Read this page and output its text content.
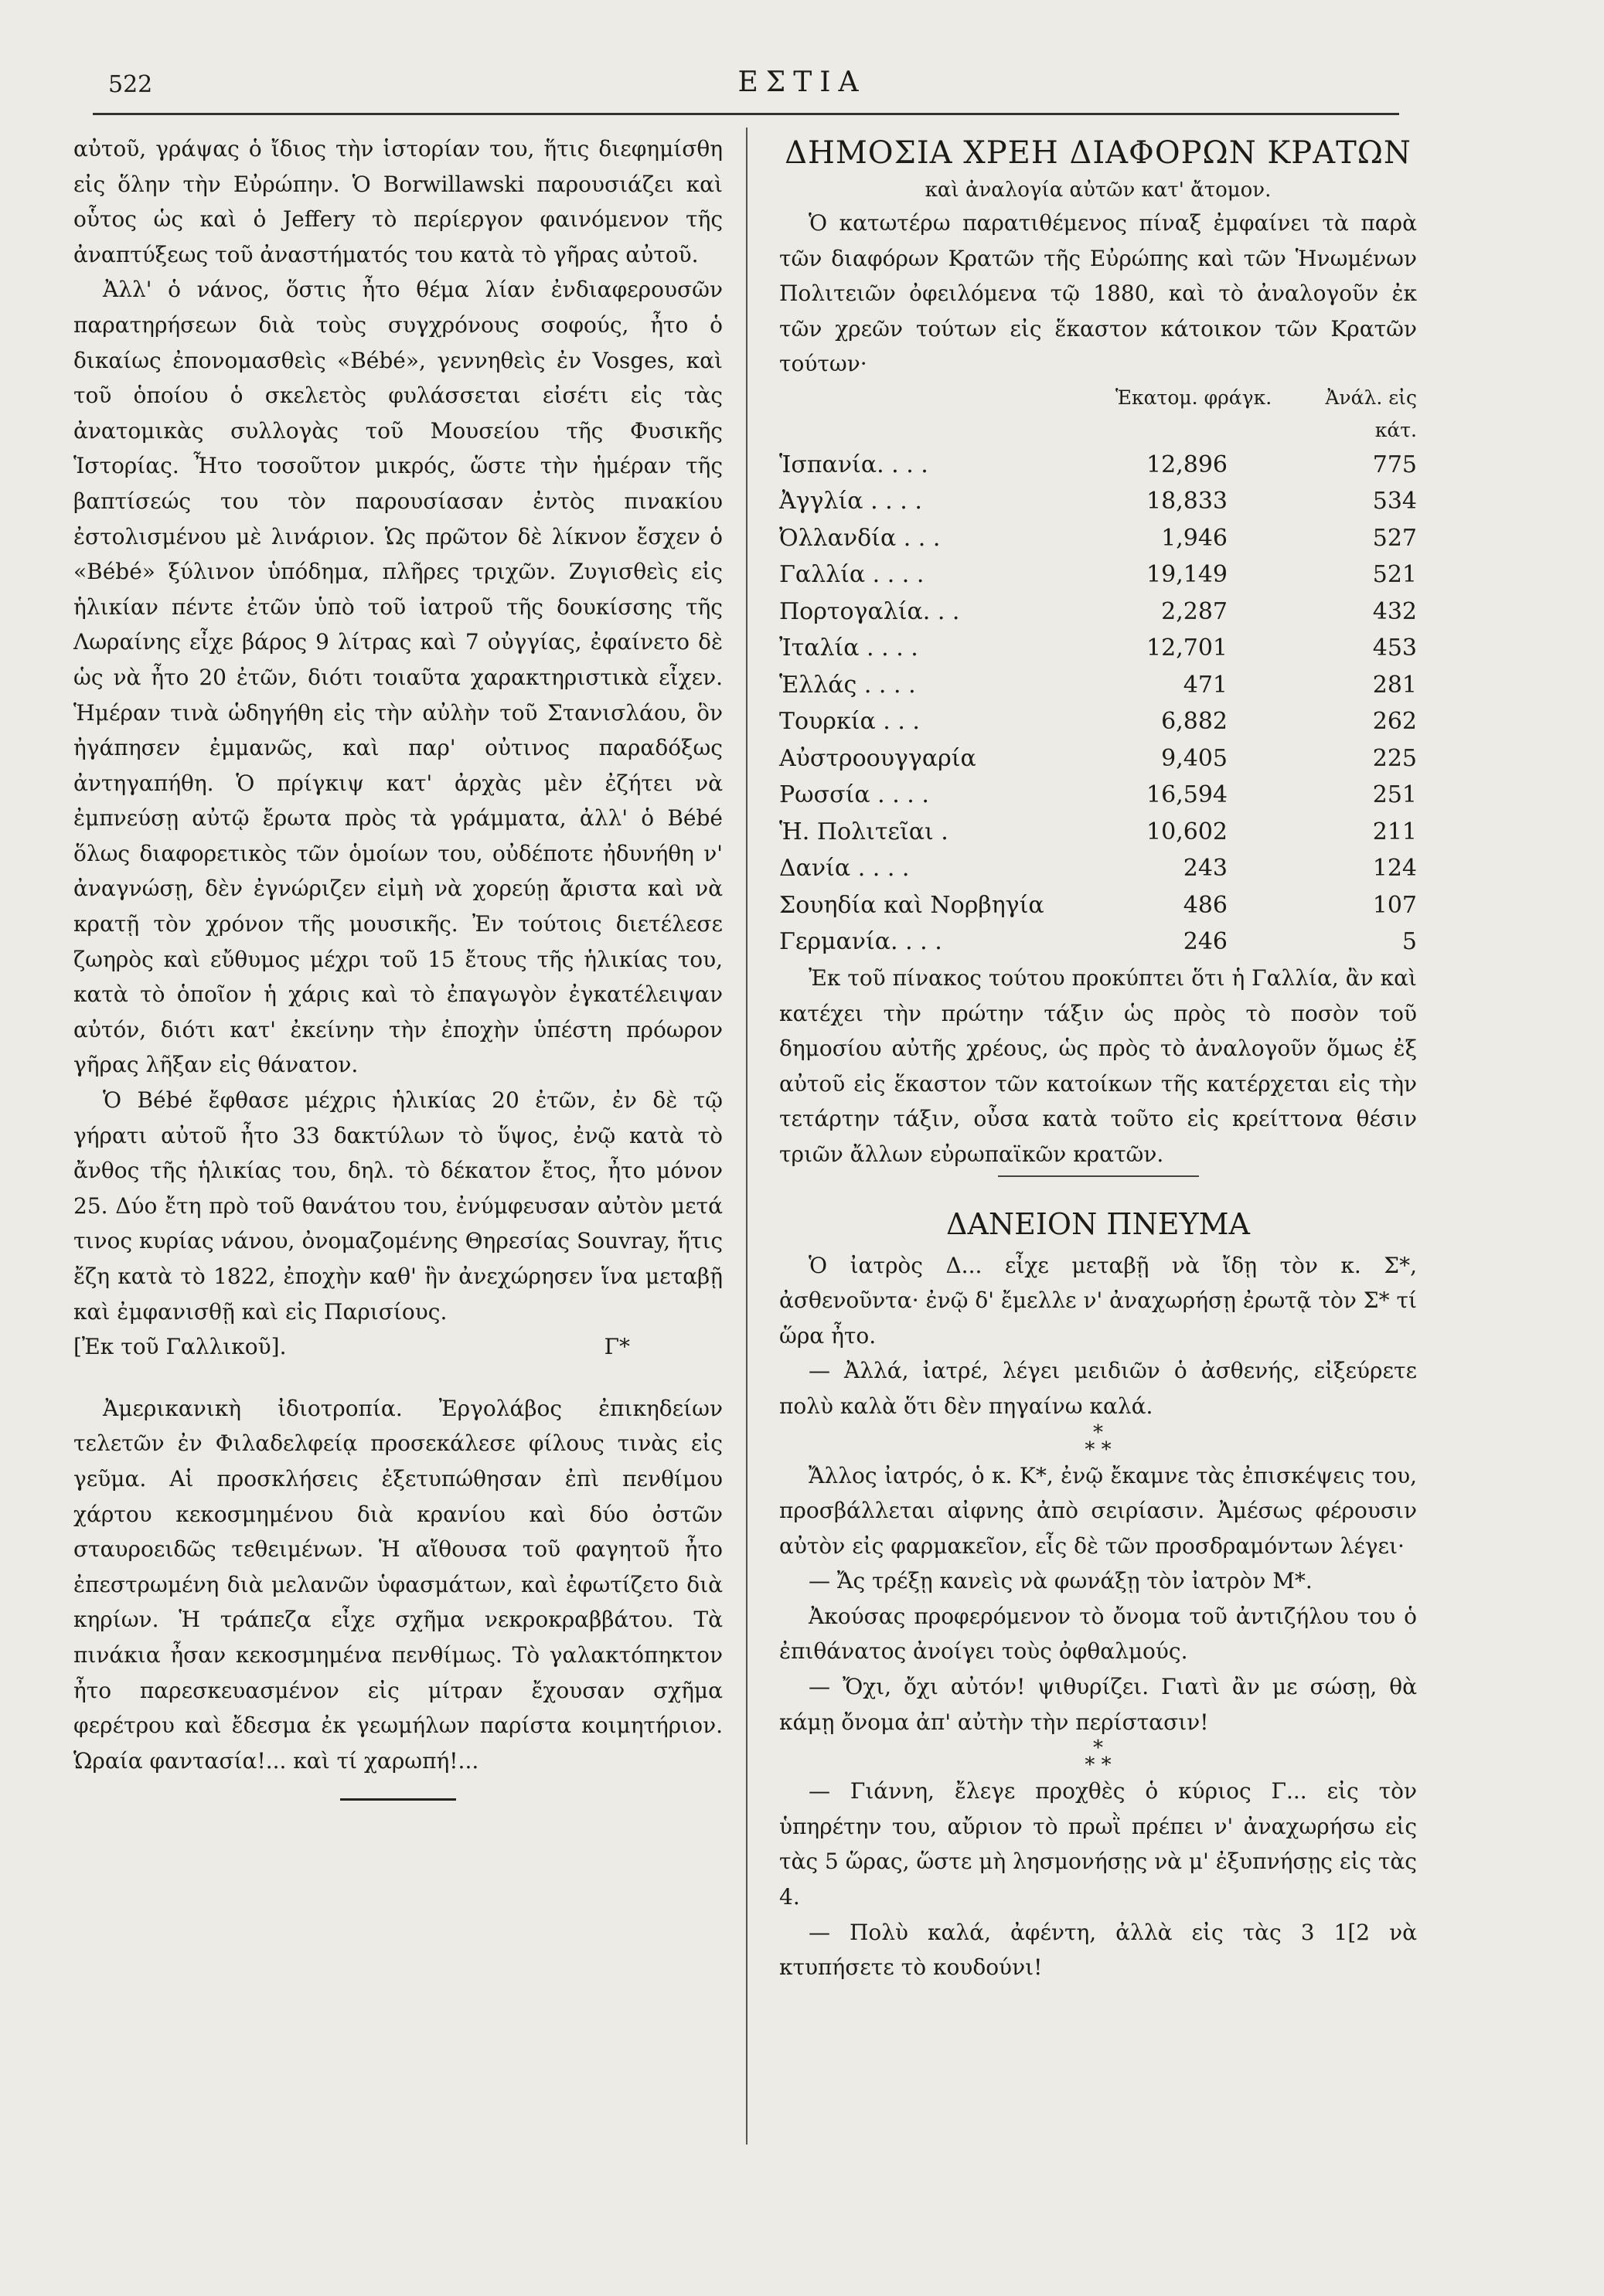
522	ΕΣΤΙΑ

αὐτοῦ, γράψας ὁ ἴδιος τὴν ἱστορίαν του, ἥτις διεφημίσθη εἰς ὅλην τὴν Εὐρώπην. Ὁ Borwillawski παρουσιάζει καὶ οὗτος ὡς καὶ ὁ Jeffery τὸ περίεργον φαινόμενον τῆς ἀναπτύξεως τοῦ ἀναστήματός του κατὰ τὸ γῆρας αὐτοῦ.

Ἀλλ' ὁ νάνος, ὅστις ἦτο θέμα λίαν ἐνδιαφερουσῶν παρατηρήσεων διὰ τοὺς συγχρόνους σοφούς, ἦτο ὁ δικαίως ἐπονομασθεὶς «Bébé», γεννηθεὶς ἐν Vosges, καὶ τοῦ ὁποίου ὁ σκελετὸς φυλάσσεται εἰσέτι εἰς τὰς ἀνατομικὰς συλλογὰς τοῦ Μουσείου τῆς Φυσικῆς Ἱστορίας. Ἦτο τοσοῦτον μικρός, ὥστε τὴν ἡμέραν τῆς βαπτίσεώς του τὸν παρουσίασαν ἐντὸς πινακίου ἐστολισμένου μὲ λινάριον. Ὡς πρῶτον δὲ λίκνον ἔσχεν ὁ «Bébé» ξύλινον ὑπόδημα, πλῆρες τριχῶν. Ζυγισθεὶς εἰς ἡλικίαν πέντε ἐτῶν ὑπὸ τοῦ ἰατροῦ τῆς δουκίσσης τῆς Λωραίνης εἶχε βάρος 9 λίτρας καὶ 7 οὐγγίας, ἐφαίνετο δὲ ὡς νὰ ἦτο 20 ἐτῶν, διότι τοιαῦτα χαρακτηριστικὰ εἶχεν. Ἡμέραν τινὰ ὡδηγήθη εἰς τὴν αὐλὴν τοῦ Στανισλάου, ὃν ἠγάπησεν ἐμμανῶς, καὶ παρ' οὐτινος παραδόξως ἀντηγαπήθη. Ὁ πρίγκιψ κατ' ἀρχὰς μὲν ἐζήτει νὰ ἐμπνεύσῃ αὐτῷ ἔρωτα πρὸς τὰ γράμματα, ἀλλ' ὁ Bébé ὅλως διαφορετικὸς τῶν ὁμοίων του, οὐδέποτε ἠδυνήθη ν' ἀναγνώσῃ, δὲν ἐγνώριζεν εἰμὴ νὰ χορεύῃ ἄριστα καὶ νὰ κρατῇ τὸν χρόνον τῆς μουσικῆς. Ἐν τούτοις διετέλεσε ζωηρὸς καὶ εὔθυμος μέχρι τοῦ 15 ἔτους τῆς ἡλικίας του, κατὰ τὸ ὁποῖον ἡ χάρις καὶ τὸ ἐπαγωγὸν ἐγκατέλειψαν αὐτόν, διότι κατ' ἐκείνην τὴν ἐποχὴν ὑπέστη πρόωρον γῆρας λῆξαν εἰς θάνατον.

Ὁ Bébé ἔφθασε μέχρις ἡλικίας 20 ἐτῶν, ἐν δὲ τῷ γήρατι αὐτοῦ ἦτο 33 δακτύλων τὸ ὕψος, ἐνῷ κατὰ τὸ ἄνθος τῆς ἡλικίας του, δηλ. τὸ δέκατον ἔτος, ἦτο μόνον 25. Δύο ἔτη πρὸ τοῦ θανάτου του, ἐνύμφευσαν αὐτὸν μετά τινος κυρίας νάνου, ὀνομαζομένης Θηρεσίας Souvray, ἥτις ἔζη κατὰ τὸ 1822, ἐποχὴν καθ' ἣν ἀνεχώρησεν ἵνα μεταβῇ καὶ ἐμφανισθῇ καὶ εἰς Παρισίους.

[Ἐκ τοῦ Γαλλικοῦ].	Γ*

Ἀμερικανικὴ ἰδιοτροπία. Ἐργολάβος ἐπικηδείων τελετῶν ἐν Φιλαδελφείᾳ προσεκάλεσε φίλους τινὰς εἰς γεῦμα. Αἱ προσκλήσεις ἐξετυπώθησαν ἐπὶ πενθίμου χάρτου κεκοσμημένου διὰ κρανίου καὶ δύο ὀστῶν σταυροειδῶς τεθειμένων. Ἡ αἴθουσα τοῦ φαγητοῦ ἦτο ἐπεστρωμένη διὰ μελανῶν ὑφασμάτων, καὶ ἐφωτίζετο διὰ κηρίων. Ἡ τράπεζα εἶχε σχῆμα νεκροκραββάτου. Τὰ πινάκια ἦσαν κεκοσμημένα πενθίμως. Τὸ γαλακτόπηκτον ἦτο παρεσκευασμένον εἰς μίτραν ἔχουσαν σχῆμα φερέτρου καὶ ἔδεσμα ἐκ γεωμήλων παρίστα κοιμητήριον. Ὡραία φαντασία!... καὶ τί χαρωπή!...

ΔΗΜΟΣΙΑ ΧΡΕΗ ΔΙΑΦΟΡΩΝ ΚΡΑΤΩΝ
καὶ ἀναλογία αὐτῶν κατ' ἄτομον.

Ὁ κατωτέρω παρατιθέμενος πίναξ ἐμφαίνει τὰ παρὰ τῶν διαφόρων Κρατῶν τῆς Εὐρώπης καὶ τῶν Ἡνωμένων Πολιτειῶν ὀφειλόμενα τῷ 1880, καὶ τὸ ἀναλογοῦν ἐκ τῶν χρεῶν τούτων εἰς ἕκαστον κάτοικον τῶν Κρατῶν τούτων·

Ἑκατομ. φράγκ.	Ἀνάλ. εἰς κάτ.
Ἱσπανία. . . .	12,896	775
Ἀγγλία . . . .	18,833	534
Ὀλλανδία . . .	1,946	527
Γαλλία . . . .	19,149	521
Πορτογαλία. . .	2,287	432
Ἰταλία . . . .	12,701	453
Ἑλλάς . . . .	471	281
Τουρκία . . .	6,882	262
Αὐστροουγγαρία	9,405	225
Ρωσσία . . . .	16,594	251
Ἡ. Πολιτεῖαι .	10,602	211
Δανία . . . .	243	124
Σουηδία καὶ Νορβηγία	486	107
Γερμανία. . . .	246	5

Ἐκ τοῦ πίνακος τούτου προκύπτει ὅτι ἡ Γαλλία, ἂν καὶ κατέχει τὴν πρώτην τάξιν ὡς πρὸς τὸ ποσὸν τοῦ δημοσίου αὐτῆς χρέους, ὡς πρὸς τὸ ἀναλογοῦν ὅμως ἐξ αὐτοῦ εἰς ἕκαστον τῶν κατοίκων τῆς κατέρχεται εἰς τὴν τετάρτην τάξιν, οὖσα κατὰ τοῦτο εἰς κρείττονα θέσιν τριῶν ἄλλων εὐρωπαϊκῶν κρατῶν.

ΔΑΝΕΙΟΝ ΠΝΕΥΜΑ

Ὁ ἰατρὸς Δ... εἶχε μεταβῇ νὰ ἴδῃ τὸν κ. Σ*, ἀσθενοῦντα· ἐνῷ δ' ἔμελλε ν' ἀναχωρήσῃ ἐρωτᾷ τὸν Σ* τί ὥρα ἦτο.

— Ἀλλά, ἰατρέ, λέγει μειδιῶν ὁ ἀσθενής, εἰξεύρετε πολὺ καλὰ ὅτι δὲν πηγαίνω καλά.

*
* *

Ἄλλος ἰατρός, ὁ κ. Κ*, ἐνῷ ἔκαμνε τὰς ἐπισκέψεις του, προσβάλλεται αἰφνης ἀπὸ σειρίασιν. Ἀμέσως φέρουσιν αὐτὸν εἰς φαρμακεῖον, εἷς δὲ τῶν προσδραμόντων λέγει·

— Ἄς τρέξῃ κανεὶς νὰ φωνάξῃ τὸν ἰατρὸν Μ*.

Ἀκούσας προφερόμενον τὸ ὄνομα τοῦ ἀντιζήλου του ὁ ἐπιθάνατος ἀνοίγει τοὺς ὀφθαλμούς.

— Ὄχι, ὄχι αὐτόν! ψιθυρίζει. Γιατὶ ἂν με σώσῃ, θὰ κάμῃ ὄνομα ἀπ' αὐτὴν τὴν περίστασιν!

*
* *

— Γιάννη, ἔλεγε προχθὲς ὁ κύριος Γ... εἰς τὸν ὑπηρέτην του, αὔριον τὸ πρωῒ πρέπει ν' ἀναχωρήσω εἰς τὰς 5 ὥρας, ὥστε μὴ λησμονήσῃς νὰ μ' ἐξυπνήσῃς εἰς τὰς 4.

— Πολὺ καλά, ἀφέντη, ἀλλὰ εἰς τὰς 3 1[2 νὰ κτυπήσετε τὸ κουδούνι!
